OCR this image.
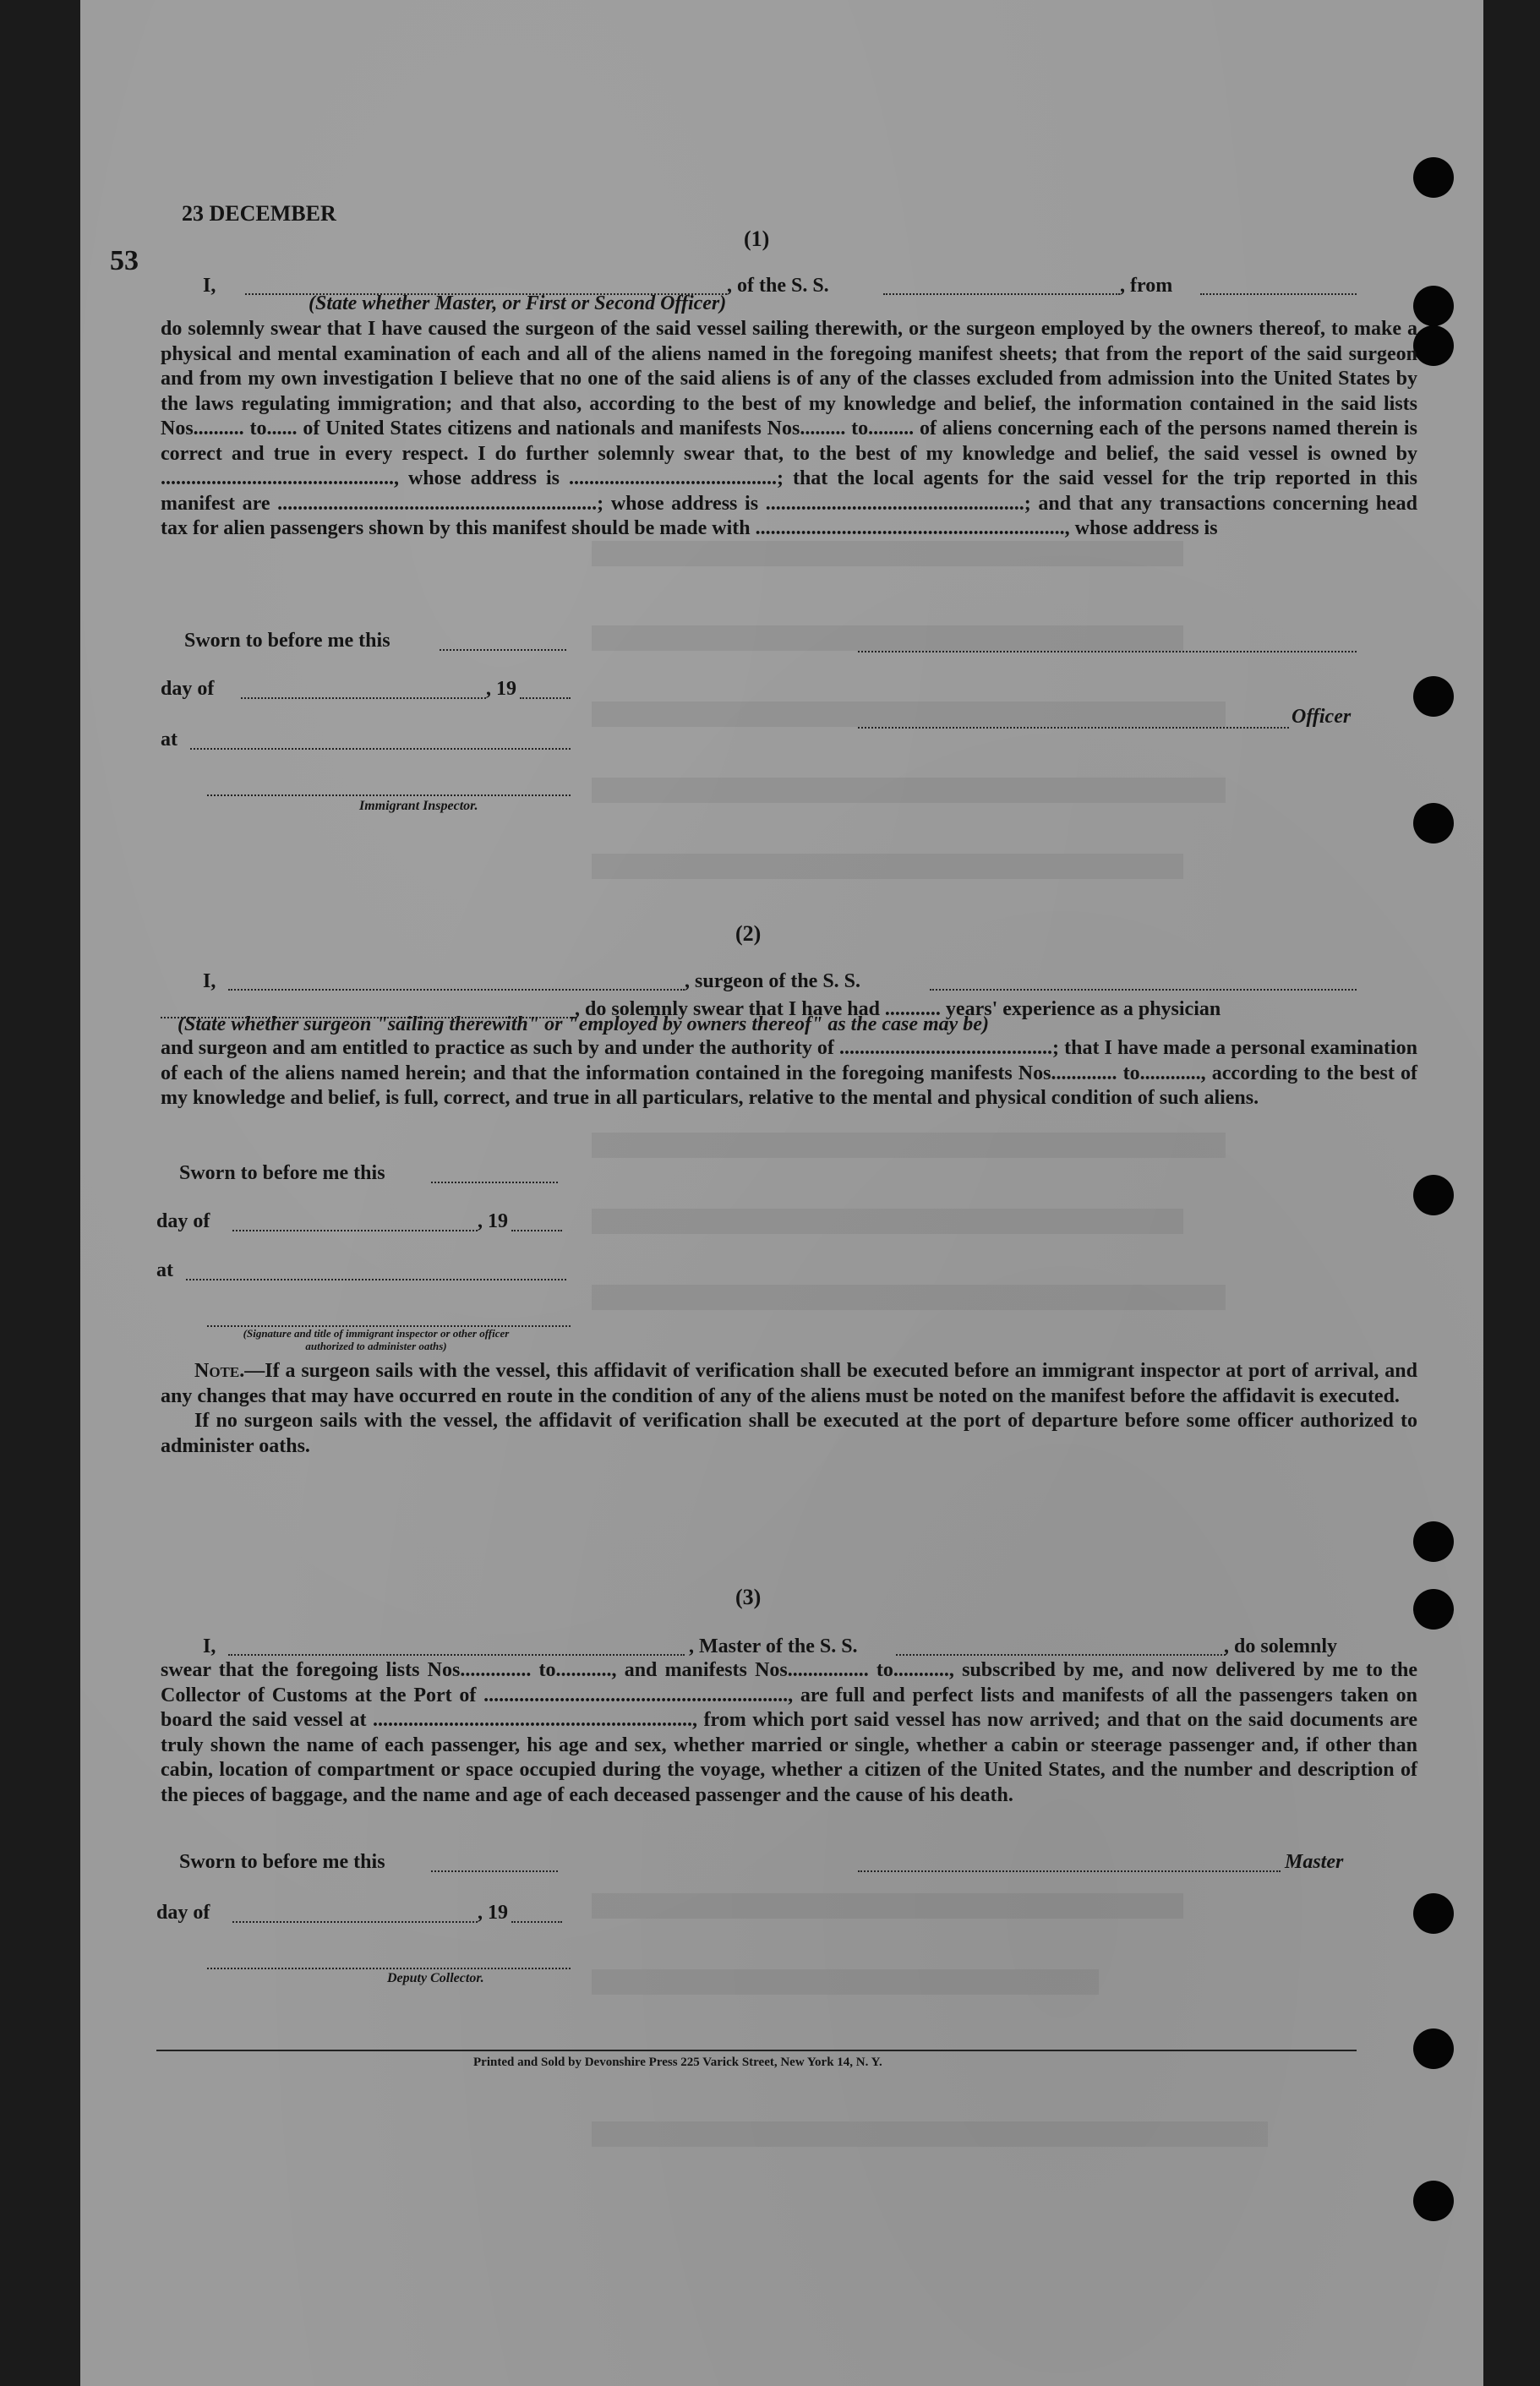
23 DECEMBER
53
(1)
I,	, of the S. S.	, from
(State whether Master, or First or Second Officer)

do solemnly swear that I have caused the surgeon of the said vessel sailing therewith, or the surgeon employed by the owners thereof, to make a physical and mental examination of each and all of the aliens named in the foregoing manifest sheets; that from the report of the said surgeon and from my own investigation I believe that no one of the said aliens is of any of the classes excluded from admission into the United States by the laws regulating immigration; and that also, according to the best of my knowledge and belief, the information contained in the said lists Nos.......... to...... of United States citizens and nationals and manifests Nos......... to......... of aliens concerning each of the persons named therein is correct and true in every respect. I do further solemnly swear that, to the best of my knowledge and belief, the said vessel is owned by .............................................., whose address is .........................................; that the local agents for the said vessel for the trip reported in this manifest are ...............................................................; whose address is ...................................................; and that any transactions concerning head tax for alien passengers shown by this manifest should be made with ............................................................., whose address is

Sworn to before me this
day of	, 19
at
Immigrant Inspector.
Officer
(2)
I,	, surgeon of the S. S.
, do solemnly swear that I have had ........... years' experience as a physician
(State whether surgeon "sailing therewith" or "employed by owners thereof" as the case may be)

and surgeon and am entitled to practice as such by and under the authority of ..........................................; that I have made a personal examination of each of the aliens named herein; and that the information contained in the foregoing manifests Nos............. to............, according to the best of my knowledge and belief, is full, correct, and true in all particulars, relative to the mental and physical condition of such aliens.

Sworn to before me this
day of	, 19
at
(Signature and title of immigrant inspector or other officer authorized to administer oaths)

Note.—If a surgeon sails with the vessel, this affidavit of verification shall be executed before an immigrant inspector at port of arrival, and any changes that may have occurred en route in the condition of any of the aliens must be noted on the manifest before the affidavit is executed.

If no surgeon sails with the vessel, the affidavit of verification shall be executed at the port of departure before some officer authorized to administer oaths.

(3)
I,	, Master of the S. S.	, do solemnly

swear that the foregoing lists Nos.............. to..........., and manifests Nos................ to..........., subscribed by me, and now delivered by me to the Collector of Customs at the Port of ............................................................, are full and perfect lists and manifests of all the passengers taken on board the said vessel at ..............................................................., from which port said vessel has now arrived; and that on the said documents are truly shown the name of each passenger, his age and sex, whether married or single, whether a cabin or steerage passenger and, if other than cabin, location of compartment or space occupied during the voyage, whether a citizen of the United States, and the number and description of the pieces of baggage, and the name and age of each deceased passenger and the cause of his death.

Sworn to before me this	Master
day of	, 19
Deputy Collector.
Printed and Sold by Devonshire Press 225 Varick Street, New York 14, N. Y.
